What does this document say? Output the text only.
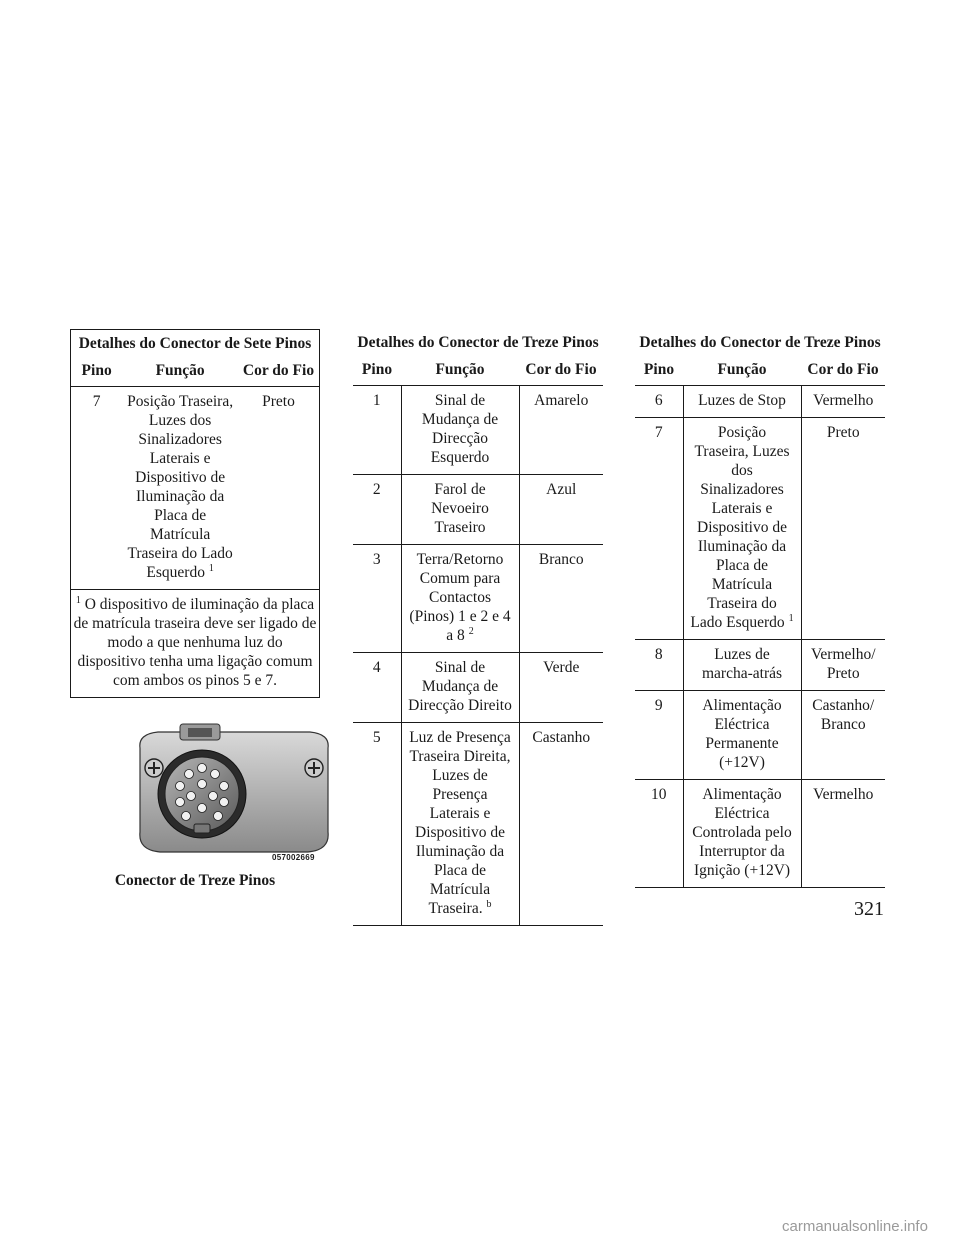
Detalhes do Conector de Sete Pinos		
Pino	Função	Cor do Fio
7	Posição Traseira, Luzes dos Sinalizadores Laterais e Dispositivo de Iluminação da Placa de Matrícula Traseira do Lado Esquerdo $^1$	Preto
$^1$ O dispositivo de iluminação da placa de matrícula traseira deve ser ligado de modo a que nenhuma luz do dispositivo tenha uma ligação comum com ambos os pinos 5 e 7.		
057002669
Conector de Treze Pinos
Detalhes do Conector de Treze Pinos		
Pino	Função	Cor do Fio
1	Sinal de Mudança de Direcção Esquerdo	Amarelo
2	Farol de Nevoeiro Traseiro	Azul
3	Terra/Retorno Comum para Contactos (Pinos) 1 e 2 e 4 a 8 $^2$	Branco
4	Sinal de Mudança de Direcção Direito	Verde
5	Luz de Presença Traseira Direita, Luzes de Presença Laterais e Dispositivo de Iluminação da Placa de Matrícula Traseira. $^b$	Castanho
Detalhes do Conector de Treze Pinos		
Pino	Função	Cor do Fio
6	Luzes de Stop	Vermelho
7	Posição Traseira, Luzes dos Sinalizadores Laterais e Dispositivo de Iluminação da Placa de Matrícula Traseira do Lado Esquerdo $^1$	Preto
8	Luzes de marcha-atrás	Vermelho/ Preto
9	Alimentação Eléctrica Permanente (+12V)	Castanho/ Branco
10	Alimentação Eléctrica Controlada pelo Interruptor da Ignição (+12V)	Vermelho
321
carmanualsonline.info
